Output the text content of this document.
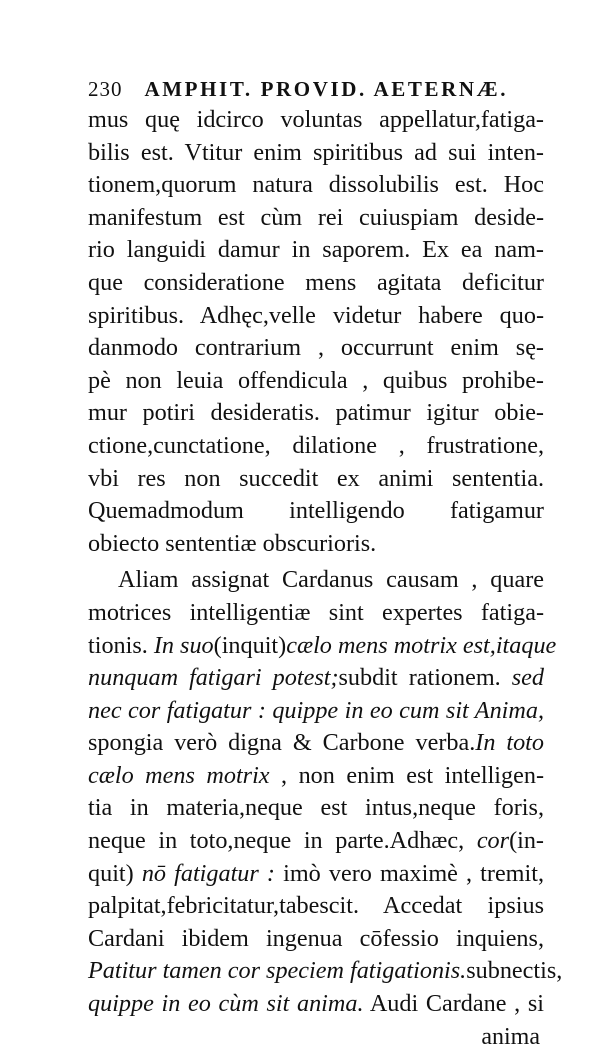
230 AMPHIT. PROVID. AETERNÆ.
mus quę idcirco voluntas appellatur,fatiga-
bilis est. Vtitur enim spiritibus ad sui inten-
tionem,quorum natura dissolubilis est. Hoc
manifestum est cùm rei cuiuspiam deside-
rio languidi damur in saporem. Ex ea nam-
que consideratione mens agitata deficitur
spiritibus. Adhęc,velle videtur habere quo-
danmodo contrarium , occurrunt enim sę-
pè non leuia offendicula , quibus prohibe-
mur potiri desideratis. patimur igitur obie-
ctione,cunctatione, dilatione , frustratione,
vbi res non succedit ex animi sententia.
Quemadmodum intelligendo fatigamur
obiecto sententiæ obscurioris.
Aliam assignat Cardanus causam , quare
motrices intelligentiæ sint expertes fatiga-
tionis. In suo(inquit)cælo mens motrix est,itaque
nunquam fatigari potest;subdit rationem. sed
nec cor fatigatur : quippe in eo cum sit Anima,
spongia verò digna & Carbone verba.In toto
cælo mens motrix , non enim est intelligen-
tia in materia,neque est intus,neque foris,
neque in toto,neque in parte.Adhæc, cor(in-
quit) nō fatigatur : imò vero maximè , tremit,
palpitat,febricitatur,tabescit. Accedat ipsius
Cardani ibidem ingenua cōfessio inquiens,
Patitur tamen cor speciem fatigationis.subnectis,
quippe in eo cùm sit anima. Audi Cardane , si
anima
